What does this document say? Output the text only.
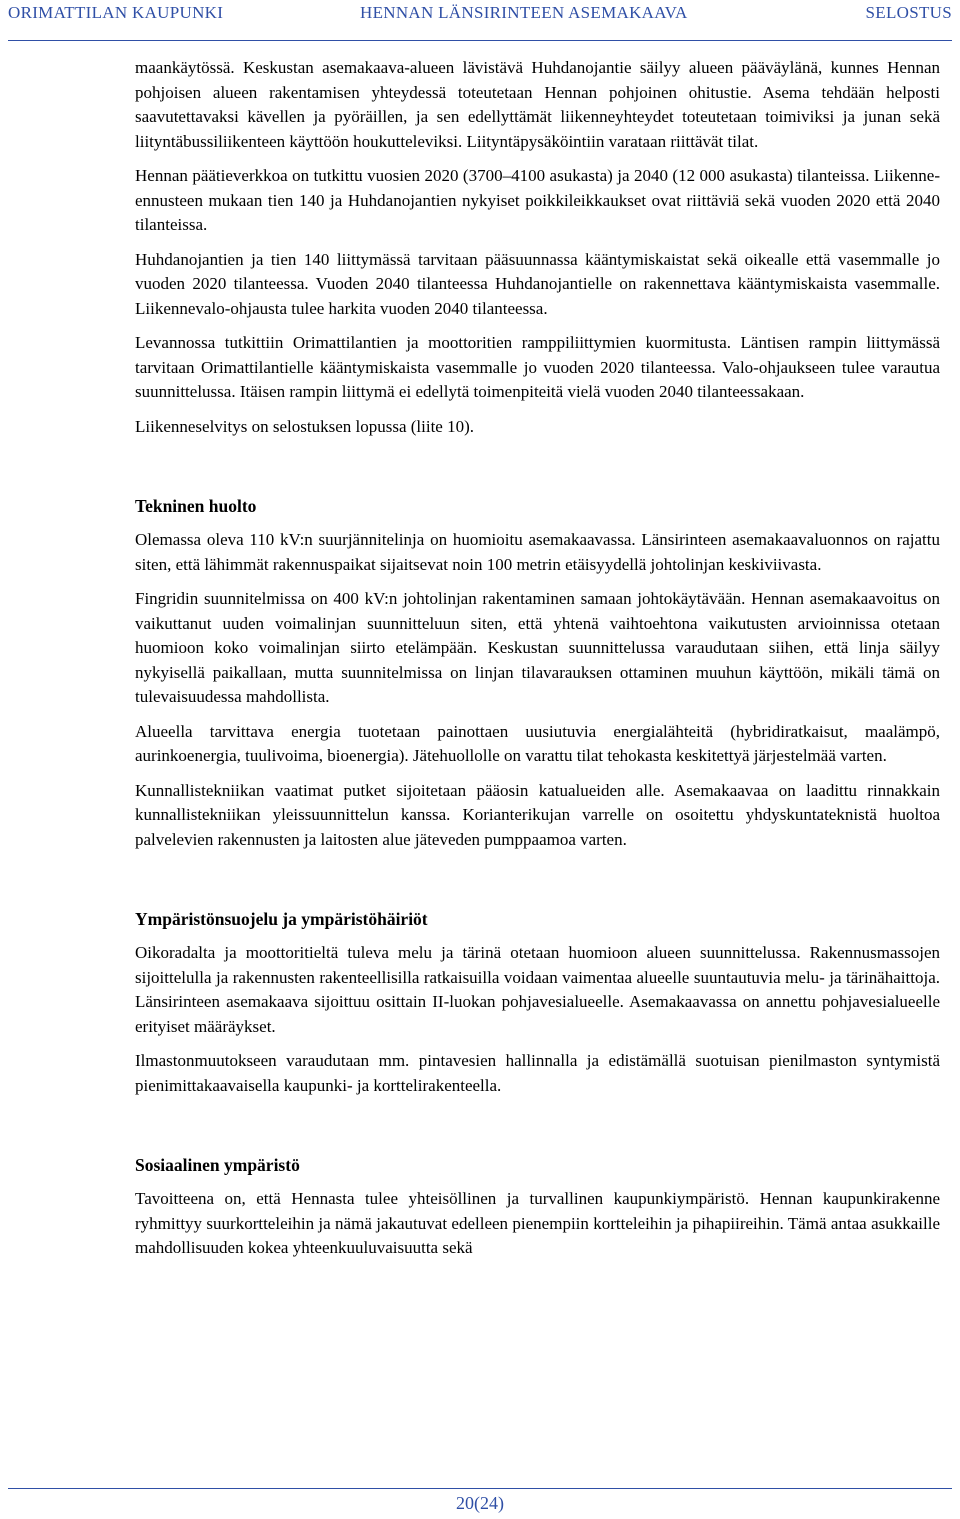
ORIMATTILAN KAUPUNKI	HENNAN LÄNSIRINTEEN ASEMAKAAVA	SELOSTUS

maankäytössä. Keskustan asemakaava-alueen lävistävä Huhdanojantie säilyy alueen pääväylänä, kunnes Hennan pohjoisen alueen rakentamisen yhteydessä toteutetaan Hennan pohjoinen ohitustie. Asema tehdään helposti saavutettavaksi kävellen ja pyöräillen, ja sen edellyttämät liikenneyhteydet toteutetaan toimiviksi ja junan sekä liityntäbussiliikenteen käyttöön houkutteleviksi. Liityntäpysäköintiin varataan riittävät tilat.

Hennan päätieverkkoa on tutkittu vuosien 2020 (3700–4100 asukasta) ja 2040 (12 000 asukasta) tilanteissa. Liikenne-ennusteen mukaan tien 140 ja Huhdanojantien nykyiset poikkileikkaukset ovat riittäviä sekä vuoden 2020 että 2040 tilanteissa.

Huhdanojantien ja tien 140 liittymässä tarvitaan pääsuunnassa kääntymiskaistat sekä oikealle että vasemmalle jo vuoden 2020 tilanteessa. Vuoden 2040 tilanteessa Huhdanojantielle on rakennettava kääntymiskaista vasemmalle. Liikennevalo-ohjausta tulee harkita vuoden 2040 tilanteessa.

Levannossa tutkittiin Orimattilantien ja moottoritien ramppiliittymien kuormitusta. Läntisen rampin liittymässä tarvitaan Orimattilantielle kääntymiskaista vasemmalle jo vuoden 2020 tilanteessa. Valo-ohjaukseen tulee varautua suunnittelussa. Itäisen rampin liittymä ei edellytä toimenpiteitä vielä vuoden 2040 tilanteessakaan.

Liikenneselvitys on selostuksen lopussa (liite 10).

Tekninen huolto

Olemassa oleva 110 kV:n suurjännitelinja on huomioitu asemakaavassa. Länsirinteen asemakaavaluonnos on rajattu siten, että lähimmät rakennuspaikat sijaitsevat noin 100 metrin etäisyydellä johtolinjan keskiviivasta.

Fingridin suunnitelmissa on 400 kV:n johtolinjan rakentaminen samaan johtokäytävään. Hennan asemakaavoitus on vaikuttanut uuden voimalinjan suunnitteluun siten, että yhtenä vaihtoehtona vaikutusten arvioinnissa otetaan huomioon koko voimalinjan siirto etelämpään. Keskustan suunnittelussa varaudutaan siihen, että linja säilyy nykyisellä paikallaan, mutta suunnitelmissa on linjan tilavarauksen ottaminen muuhun käyttöön, mikäli tämä on tulevaisuudessa mahdollista.

Alueella tarvittava energia tuotetaan painottaen uusiutuvia energialähteitä (hybridiratkaisut, maalämpö, aurinkoenergia, tuulivoima, bioenergia). Jätehuollolle on varattu tilat tehokasta keskitettyä järjestelmää varten.

Kunnallistekniikan vaatimat putket sijoitetaan pääosin katualueiden alle. Asemakaavaa on laadittu rinnakkain kunnallistekniikan yleissuunnittelun kanssa. Korianterikujan varrelle on osoitettu yhdyskuntateknistä huoltoa palvelevien rakennusten ja laitosten alue jäteveden pumppaamoa varten.

Ympäristönsuojelu ja ympäristöhäiriöt

Oikoradalta ja moottoritieltä tuleva melu ja tärinä otetaan huomioon alueen suunnittelussa. Rakennusmassojen sijoittelulla ja rakennusten rakenteellisilla ratkaisuilla voidaan vaimentaa alueelle suuntautuvia melu- ja tärinähaittoja. Länsirinteen asemakaava sijoittuu osittain II-luokan pohjavesialueelle. Asemakaavassa on annettu pohjavesialueelle erityiset määräykset.

Ilmastonmuutokseen varaudutaan mm. pintavesien hallinnalla ja edistämällä suotuisan pienilmaston syntymistä pienimittakaavaisella kaupunki- ja korttelirakenteella.

Sosiaalinen ympäristö

Tavoitteena on, että Hennasta tulee yhteisöllinen ja turvallinen kaupunkiympäristö. Hennan kaupunkirakenne ryhmittyy suurkortteleihin ja nämä jakautuvat edelleen pienempiin kortteleihin ja pihapiireihin. Tämä antaa asukkaille mahdollisuuden kokea yhteenkuuluvaisuutta sekä

20(24)
